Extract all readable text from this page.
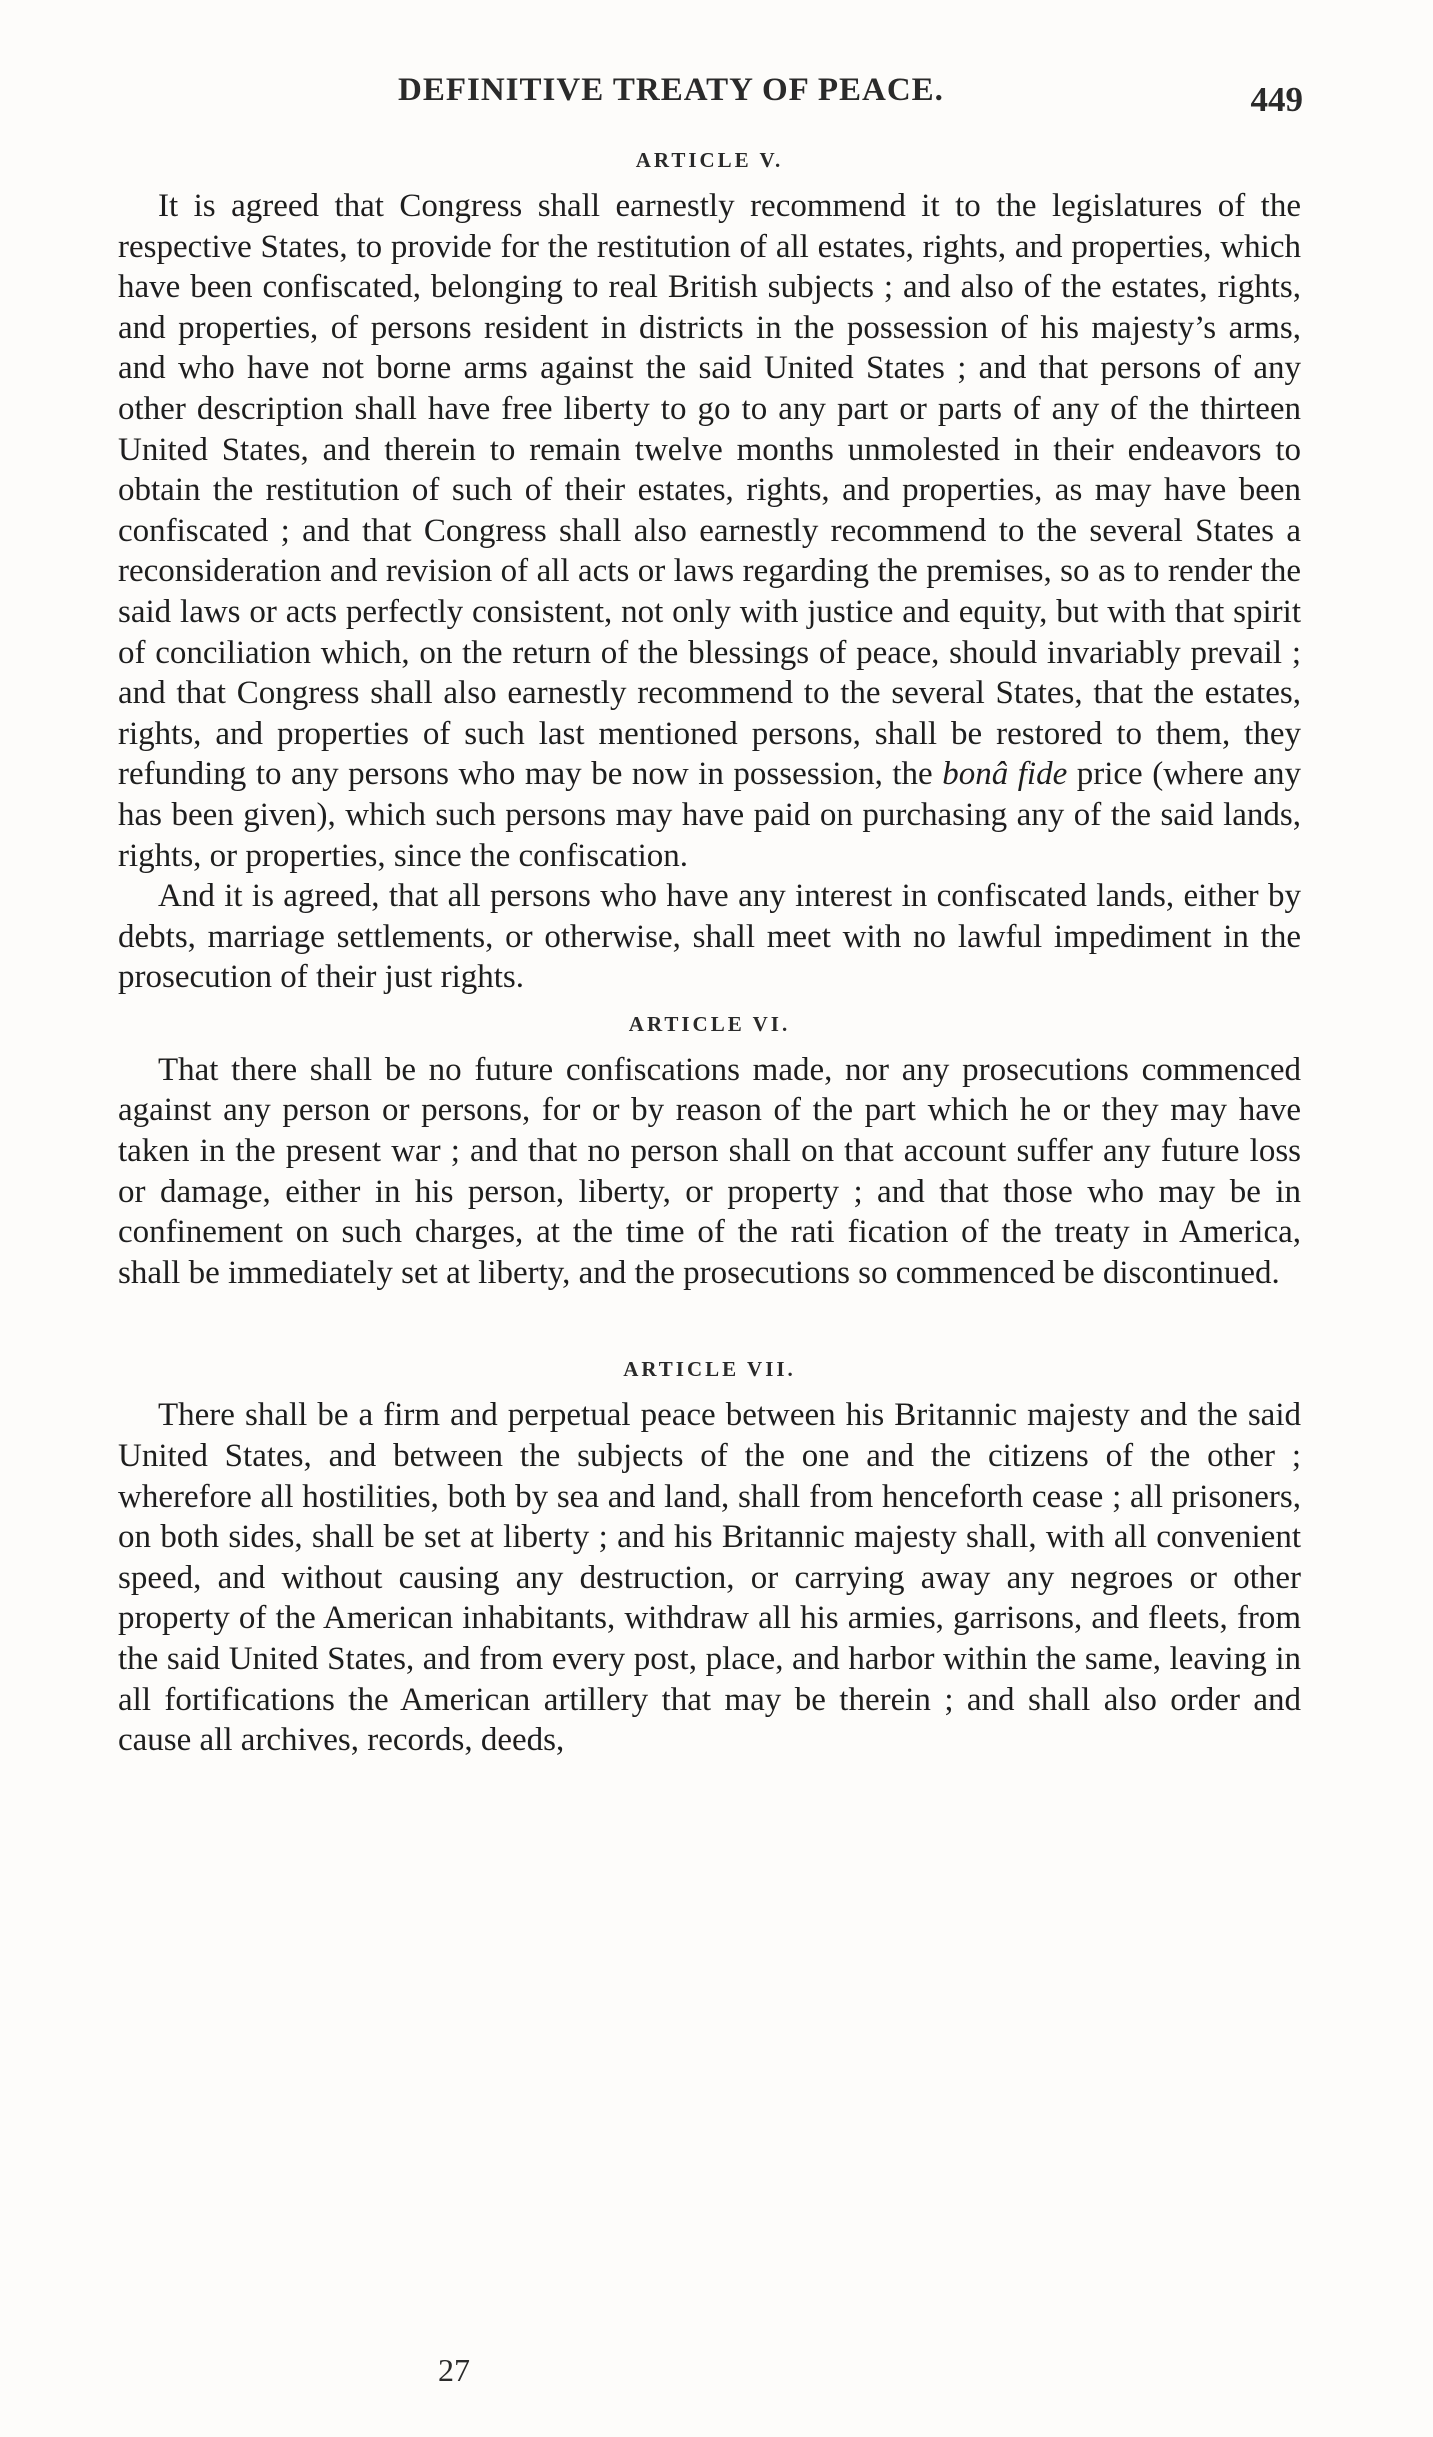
DEFINITIVE TREATY OF PEACE.	449
ARTICLE V.

It is agreed that Congress shall earnestly recommend it to the legislatures of the respective States, to provide for the restitution of all estates, rights, and properties, which have been confiscated, belonging to real British subjects ; and also of the estates, rights, and properties, of persons resident in districts in the possession of his majesty’s arms, and who have not borne arms against the said United States ; and that persons of any other description shall have free liberty to go to any part or parts of any of the thirteen United States, and therein to remain twelve months unmolested in their endeavors to obtain the restitution of such of their estates, rights, and properties, as may have been confiscated ; and that Congress shall also earnestly recommend to the several States a reconsideration and revision of all acts or laws regarding the premises, so as to render the said laws or acts perfectly consistent, not only with justice and equity, but with that spirit of conciliation which, on the return of the blessings of peace, should invariably prevail ; and that Congress shall also earnestly recommend to the several States, that the estates, rights, and properties of such last mentioned persons, shall be restored to them, they refunding to any persons who may be now in possession, the bonâ fide price (where any has been given), which such persons may have paid on purchasing any of the said lands, rights, or properties, since the confiscation.

And it is agreed, that all persons who have any interest in confiscated lands, either by debts, marriage settlements, or otherwise, shall meet with no lawful impediment in the prosecution of their just rights.

ARTICLE VI.

That there shall be no future confiscations made, nor any prosecutions commenced against any person or persons, for or by reason of the part which he or they may have taken in the present war ; and that no person shall on that account suffer any future loss or damage, either in his person, liberty, or property ; and that those who may be in confinement on such charges, at the time of the rati fication of the treaty in America, shall be immediately set at liberty, and the prosecutions so commenced be discontinued.

ARTICLE VII.

There shall be a firm and perpetual peace between his Britannic majesty and the said United States, and between the subjects of the one and the citizens of the other ; wherefore all hostilities, both by sea and land, shall from henceforth cease ; all prisoners, on both sides, shall be set at liberty ; and his Britannic majesty shall, with all convenient speed, and without causing any destruction, or carrying away any negroes or other property of the American inhabitants, withdraw all his armies, garrisons, and fleets, from the said United States, and from every post, place, and harbor within the same, leaving in all fortifications the American artillery that may be therein ; and shall also order and cause all archives, records, deeds,

27
